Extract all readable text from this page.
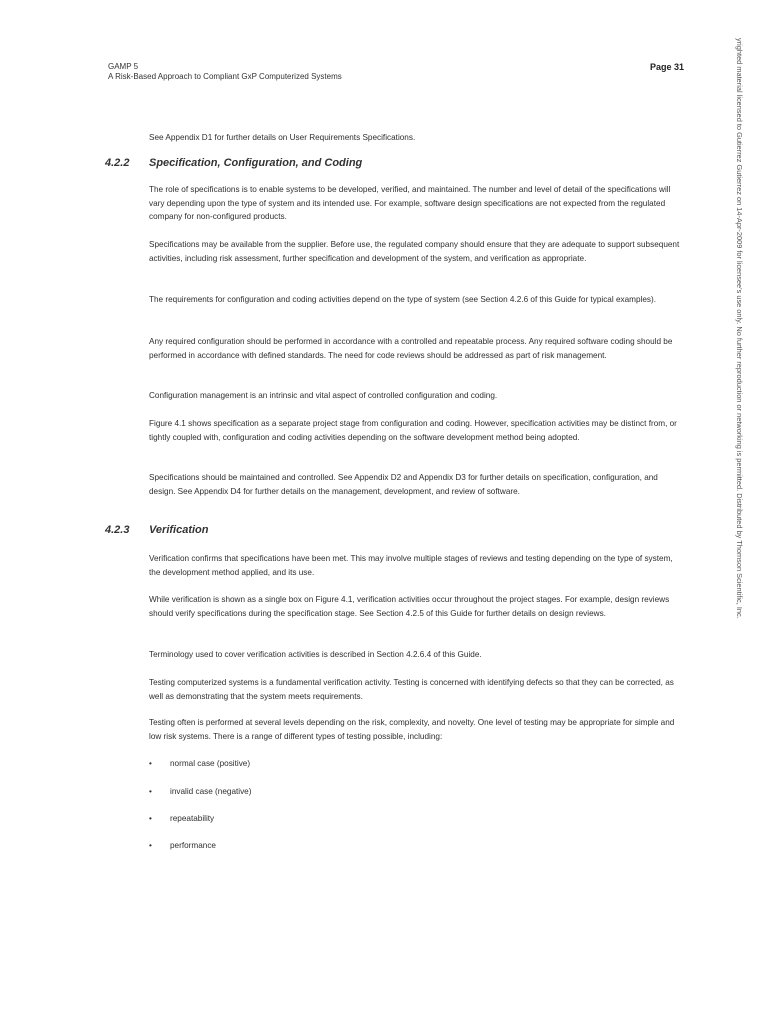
GAMP 5
A Risk-Based Approach to Compliant GxP Computerized Systems
Page 31	yrighted material licensed to Gutierrez Gutierrez on 14-Apr-2009 for licensee's use only. No further reproduction or networking is permitted. Distributed by Thomson Scientific, Inc.

See Appendix D1 for further details on User Requirements Specifications.

4.2.2 Specification, Configuration, and Coding

The role of specifications is to enable systems to be developed, verified, and maintained. The number and level of detail of the specifications will vary depending upon the type of system and its intended use. For example, software design specifications are not expected from the regulated company for non-configured products.

Specifications may be available from the supplier. Before use, the regulated company should ensure that they are adequate to support subsequent activities, including risk assessment, further specification and development of the system, and verification as appropriate.

The requirements for configuration and coding activities depend on the type of system (see Section 4.2.6 of this Guide for typical examples).

Any required configuration should be performed in accordance with a controlled and repeatable process. Any required software coding should be performed in accordance with defined standards. The need for code reviews should be addressed as part of risk management.

Configuration management is an intrinsic and vital aspect of controlled configuration and coding.

Figure 4.1 shows specification as a separate project stage from configuration and coding. However, specification activities may be distinct from, or tightly coupled with, configuration and coding activities depending on the software development method being adopted.

Specifications should be maintained and controlled. See Appendix D2 and Appendix D3 for further details on specification, configuration, and design. See Appendix D4 for further details on the management, development, and review of software.

4.2.3 Verification

Verification confirms that specifications have been met. This may involve multiple stages of reviews and testing depending on the type of system, the development method applied, and its use.

While verification is shown as a single box on Figure 4.1, verification activities occur throughout the project stages. For example, design reviews should verify specifications during the specification stage. See Section 4.2.5 of this Guide for further details on design reviews.

Terminology used to cover verification activities is described in Section 4.2.6.4 of this Guide.

Testing computerized systems is a fundamental verification activity. Testing is concerned with identifying defects so that they can be corrected, as well as demonstrating that the system meets requirements.

Testing often is performed at several levels depending on the risk, complexity, and novelty. One level of testing may be appropriate for simple and low risk systems. There is a range of different types of testing possible, including:

• normal case (positive)
• invalid case (negative)
• repeatability
• performance
